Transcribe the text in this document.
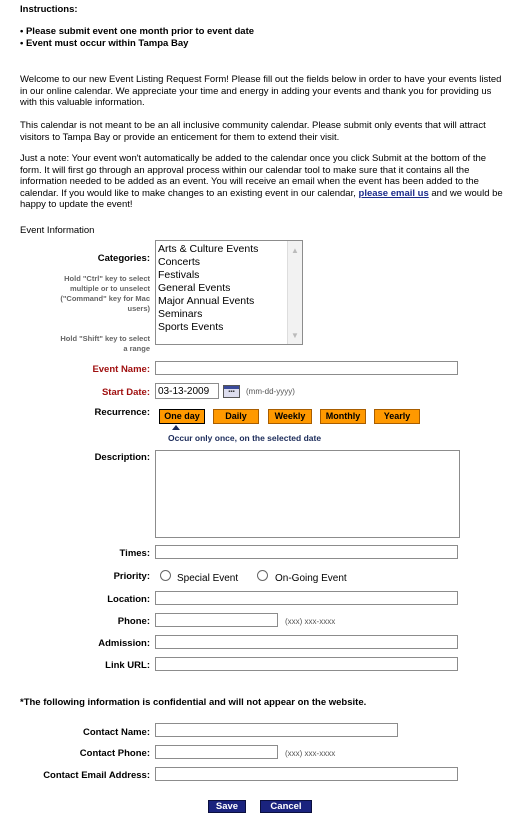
Instructions:
• Please submit event one month prior to event date
• Event must occur within Tampa Bay
Welcome to our new Event Listing Request Form! Please fill out the fields below in order to have your events listed in our online calendar. We appreciate your time and energy in adding your events and thank you for providing us with this valuable information.
This calendar is not meant to be an all inclusive community calendar. Please submit only events that will attract visitors to Tampa Bay or provide an enticement for them to extend their visit.
Just a note: Your event won't automatically be added to the calendar once you click Submit at the bottom of the form. It will first go through an approval process within our calendar tool to make sure that it contains all the information needed to be added as an event. You will receive an email when the event has been added to the calendar. If you would like to make changes to an existing event in our calendar, please email us and we would be happy to update the event!
Event Information
Categories:
Hold "Ctrl" key to select multiple or to unselect ("Command" key for Mac users)
Hold "Shift" key to select a range
Arts & Culture Events
Concerts
Festivals
General Events
Major Annual Events
Seminars
Sports Events
▲
▼
Event Name:
Start Date:
03-13-2009	▪▪▪	(mm-dd-yyyy)
Recurrence:	One day	Daily	Weekly	Monthly	Yearly
Occur only once, on the selected date
Description:
Times:
Priority:	Special Event	On-Going Event
Location:
Phone:	(xxx) xxx-xxxx
Admission:
Link URL:
*The following information is confidential and will not appear on the website.
Contact Name:
Contact Phone:	(xxx) xxx-xxxx
Contact Email Address:
Save	Cancel
